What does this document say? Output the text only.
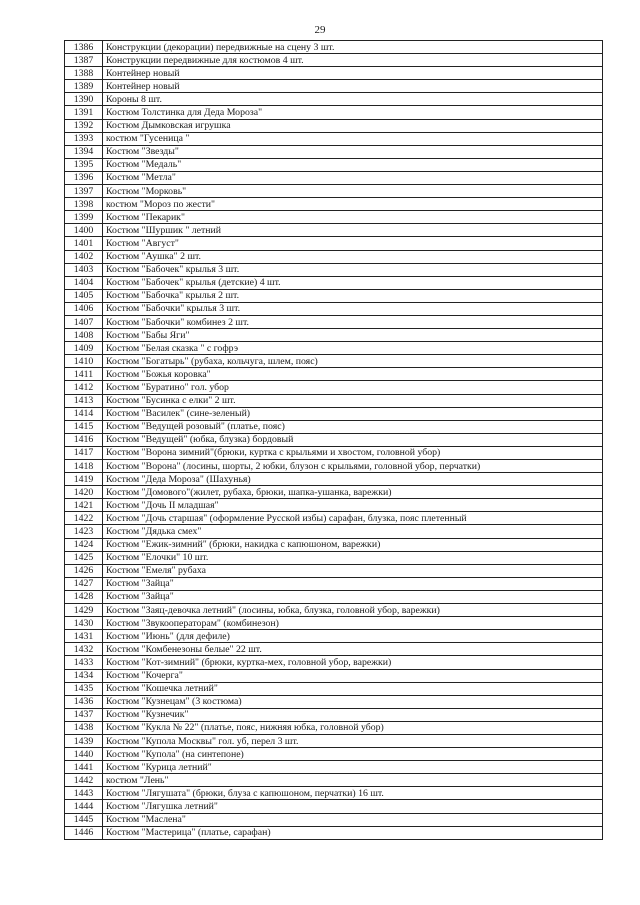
29
1386	Конструкции (декорации) передвижные на сцену 3 шт.
1387	Конструкции передвижные для костюмов 4 шт.
1388	Контейнер новый
1389	Контейнер новый
1390	Короны 8 шт.
1391	Костюм Толстинка для Деда Мороза"
1392	Костюм Дымковская игрушка
1393	костюм "Гусеница "
1394	Костюм "Звезды"
1395	Костюм "Медаль"
1396	Костюм "Метла"
1397	Костюм "Морковь"
1398	костюм "Мороз по жести"
1399	Костюм "Пекарик"
1400	Костюм "Шуршик " летний
1401	Костюм "Август"
1402	Костюм "Аушка" 2 шт.
1403	Костюм "Бабочек" крылья 3 шт.
1404	Костюм "Бабочек" крылья (детские) 4 шт.
1405	Костюм "Бабочка" крылья 2 шт.
1406	Костюм "Бабочки" крылья 3 шт.
1407	Костюм "Бабочки" комбинез 2 шт.
1408	Костюм "Бабы Яги"
1409	Костюм "Белая сказка " с гофрэ
1410	Костюм "Богатырь" (рубаха, кольчуга, шлем, пояс)
1411	Костюм "Божья коровка"
1412	Костюм "Буратино" гол. убор
1413	Костюм "Бусинка с елки" 2 шт.
1414	Костюм "Василек" (сине-зеленый)
1415	Костюм "Ведущей розовый" (платье, пояс)
1416	Костюм "Ведущей" (юбка, блузка) бордовый
1417	Костюм "Ворона зимний"(брюки, куртка с крыльями и хвостом, головной убор)
1418	Костюм "Ворона" (лосины, шорты, 2 юбки, блузон с крыльями, головной убор, перчатки)
1419	Костюм "Деда Мороза" (Шахунья)
1420	Костюм "Домового"(жилет, рубаха, брюки, шапка-ушанка, варежки)
1421	Костюм "Дочь II младшая"
1422	Костюм "Дочь старшая" (оформление Русской избы) сарафан, блузка, пояс плетенный
1423	Костюм "Дядька смех"
1424	Костюм "Ежик-зимний" (брюки, накидка с капюшоном, варежки)
1425	Костюм "Елочки" 10 шт.
1426	Костюм "Емеля" рубаха
1427	Костюм "Зайца"
1428	Костюм "Зайца"
1429	Костюм "Заяц-девочка летний" (лосины, юбка, блузка, головной убор, варежки)
1430	Костюм "Звукооператорам" (комбинезон)
1431	Костюм "Июнь" (для дефиле)
1432	Костюм "Комбенезоны белые" 22 шт.
1433	Костюм "Кот-зимний" (брюки, куртка-мех, головной убор, варежки)
1434	Костюм "Кочерга"
1435	Костюм "Кошечка летний"
1436	Костюм "Кузнецам" (3 костюма)
1437	Костюм "Кузнечик"
1438	Костюм "Кукла № 22" (платье, пояс, нижняя юбка, головной убор)
1439	Костюм "Купола Москвы" гол. уб, перел 3 шт.
1440	Костюм "Купола" (на синтепоне)
1441	Костюм "Курица летний"
1442	костюм "Лень"
1443	Костюм "Лягушата" (брюки, блуза с капюшоном, перчатки) 16 шт.
1444	Костюм "Лягушка летний"
1445	Костюм "Маслена"
1446	Костюм "Мастерица" (платье, сарафан)
